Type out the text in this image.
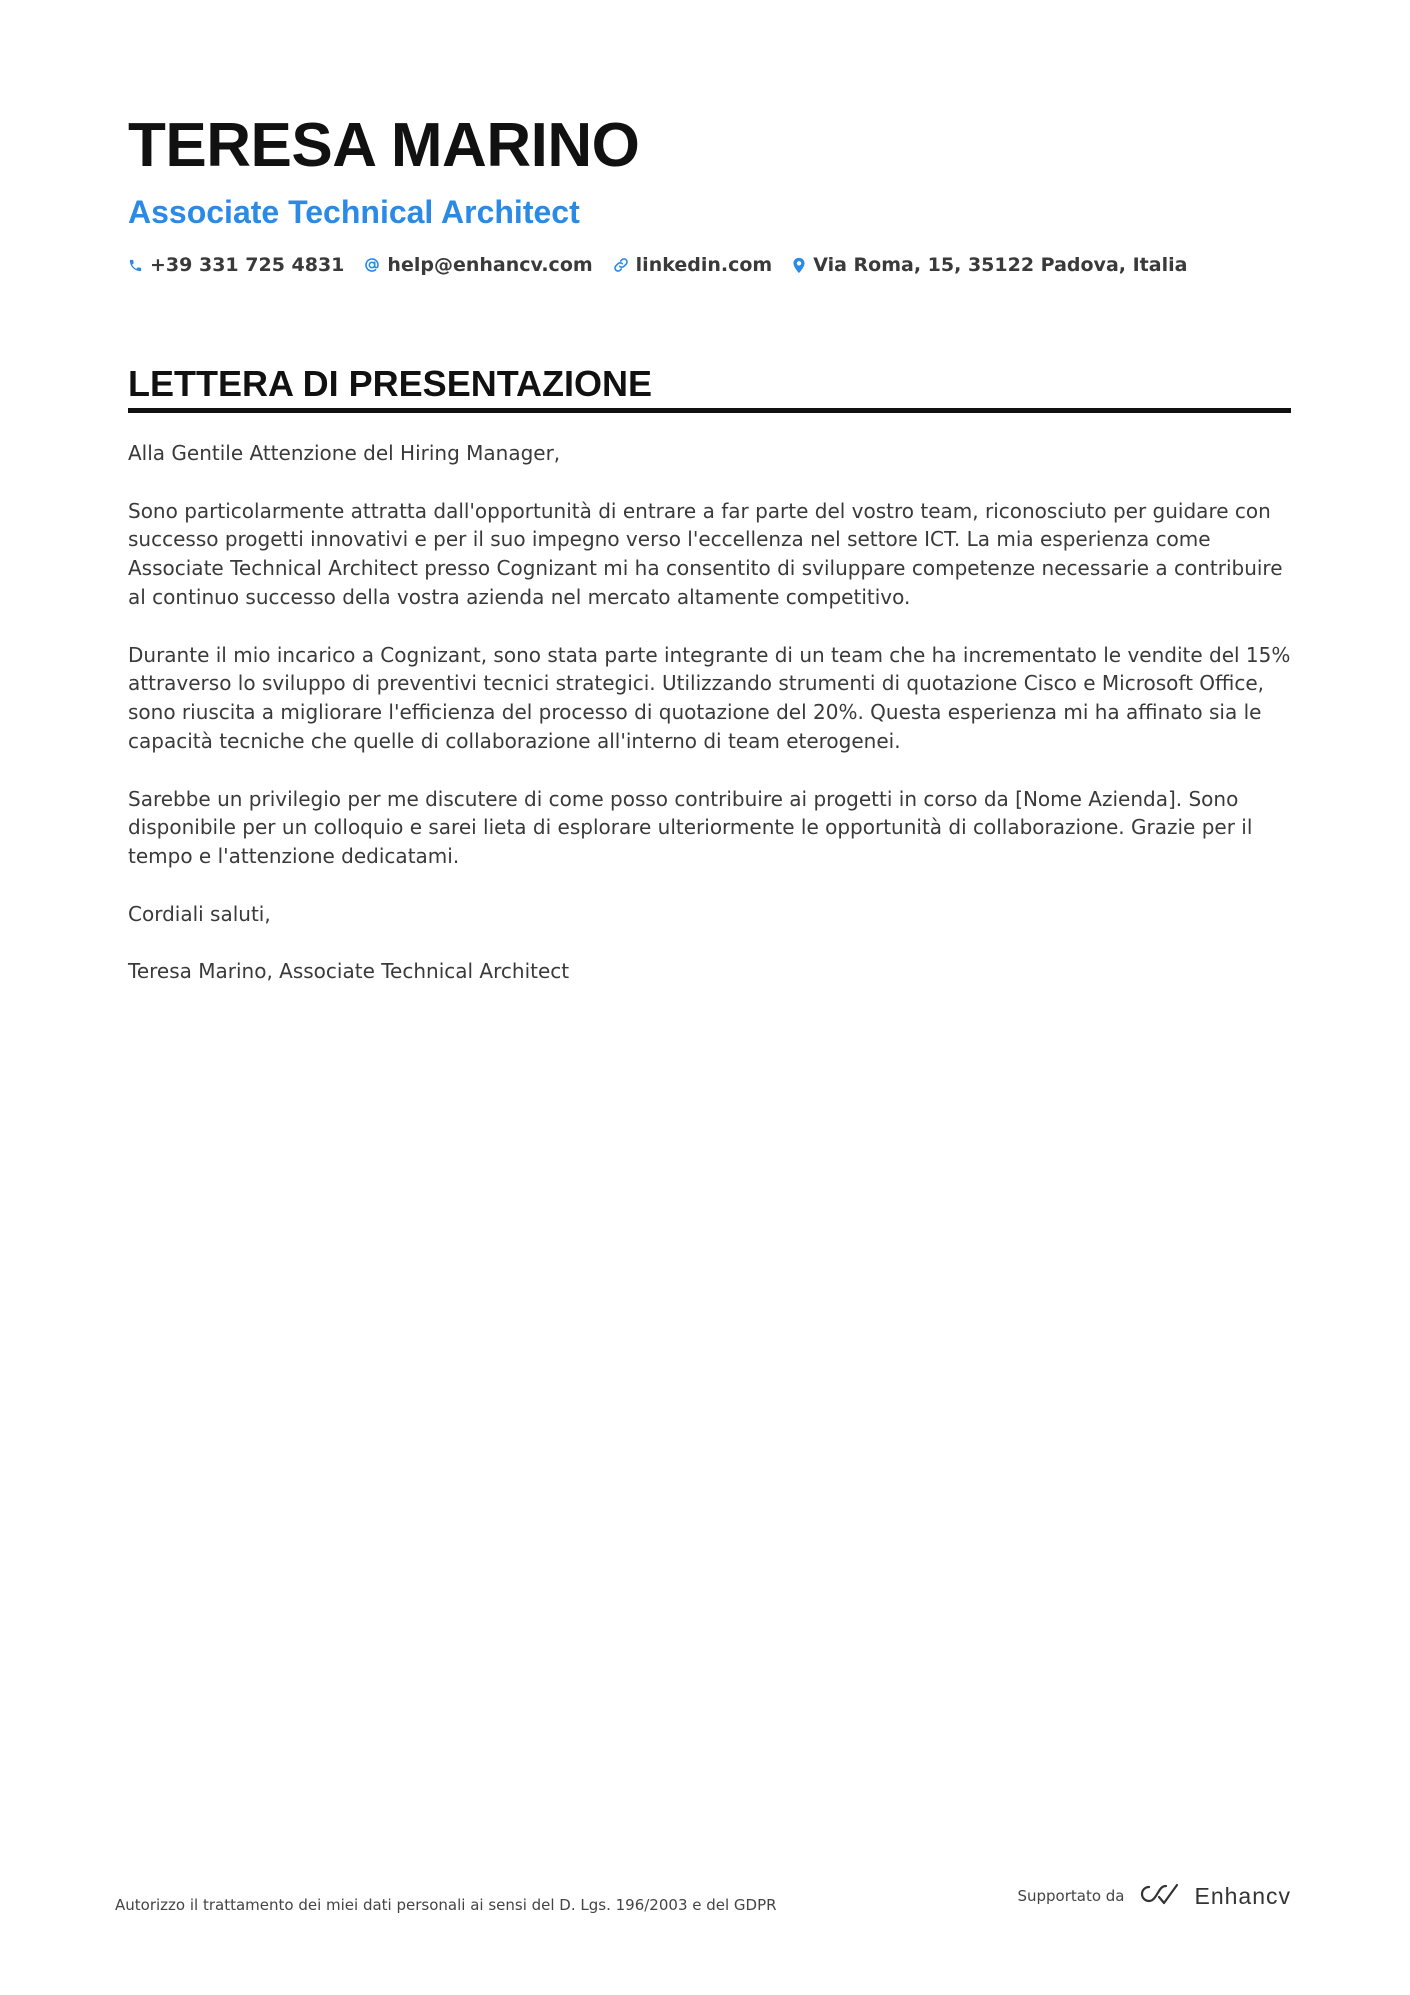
TERESA MARINO
Associate Technical Architect
+39 331 725 4831 help@enhancv.com linkedin.com Via Roma, 15, 35122 Padova, Italia
LETTERA DI PRESENTAZIONE

Alla Gentile Attenzione del Hiring Manager,

Sono particolarmente attratta dall'opportunità di entrare a far parte del vostro team, riconosciuto per guidare con successo progetti innovativi e per il suo impegno verso l'eccellenza nel settore ICT. La mia esperienza come Associate Technical Architect presso Cognizant mi ha consentito di sviluppare competenze necessarie a contribuire al continuo successo della vostra azienda nel mercato altamente competitivo.

Durante il mio incarico a Cognizant, sono stata parte integrante di un team che ha incrementato le vendite del 15% attraverso lo sviluppo di preventivi tecnici strategici. Utilizzando strumenti di quotazione Cisco e Microsoft Office, sono riuscita a migliorare l'efficienza del processo di quotazione del 20%. Questa esperienza mi ha affinato sia le capacità tecniche che quelle di collaborazione all'interno di team eterogenei.

Sarebbe un privilegio per me discutere di come posso contribuire ai progetti in corso da [Nome Azienda]. Sono disponibile per un colloquio e sarei lieta di esplorare ulteriormente le opportunità di collaborazione. Grazie per il tempo e l'attenzione dedicatami.

Cordiali saluti,

Teresa Marino, Associate Technical Architect

Autorizzo il trattamento dei miei dati personali ai sensi del D. Lgs. 196/2003 e del GDPR	Supportato da	Enhancv
